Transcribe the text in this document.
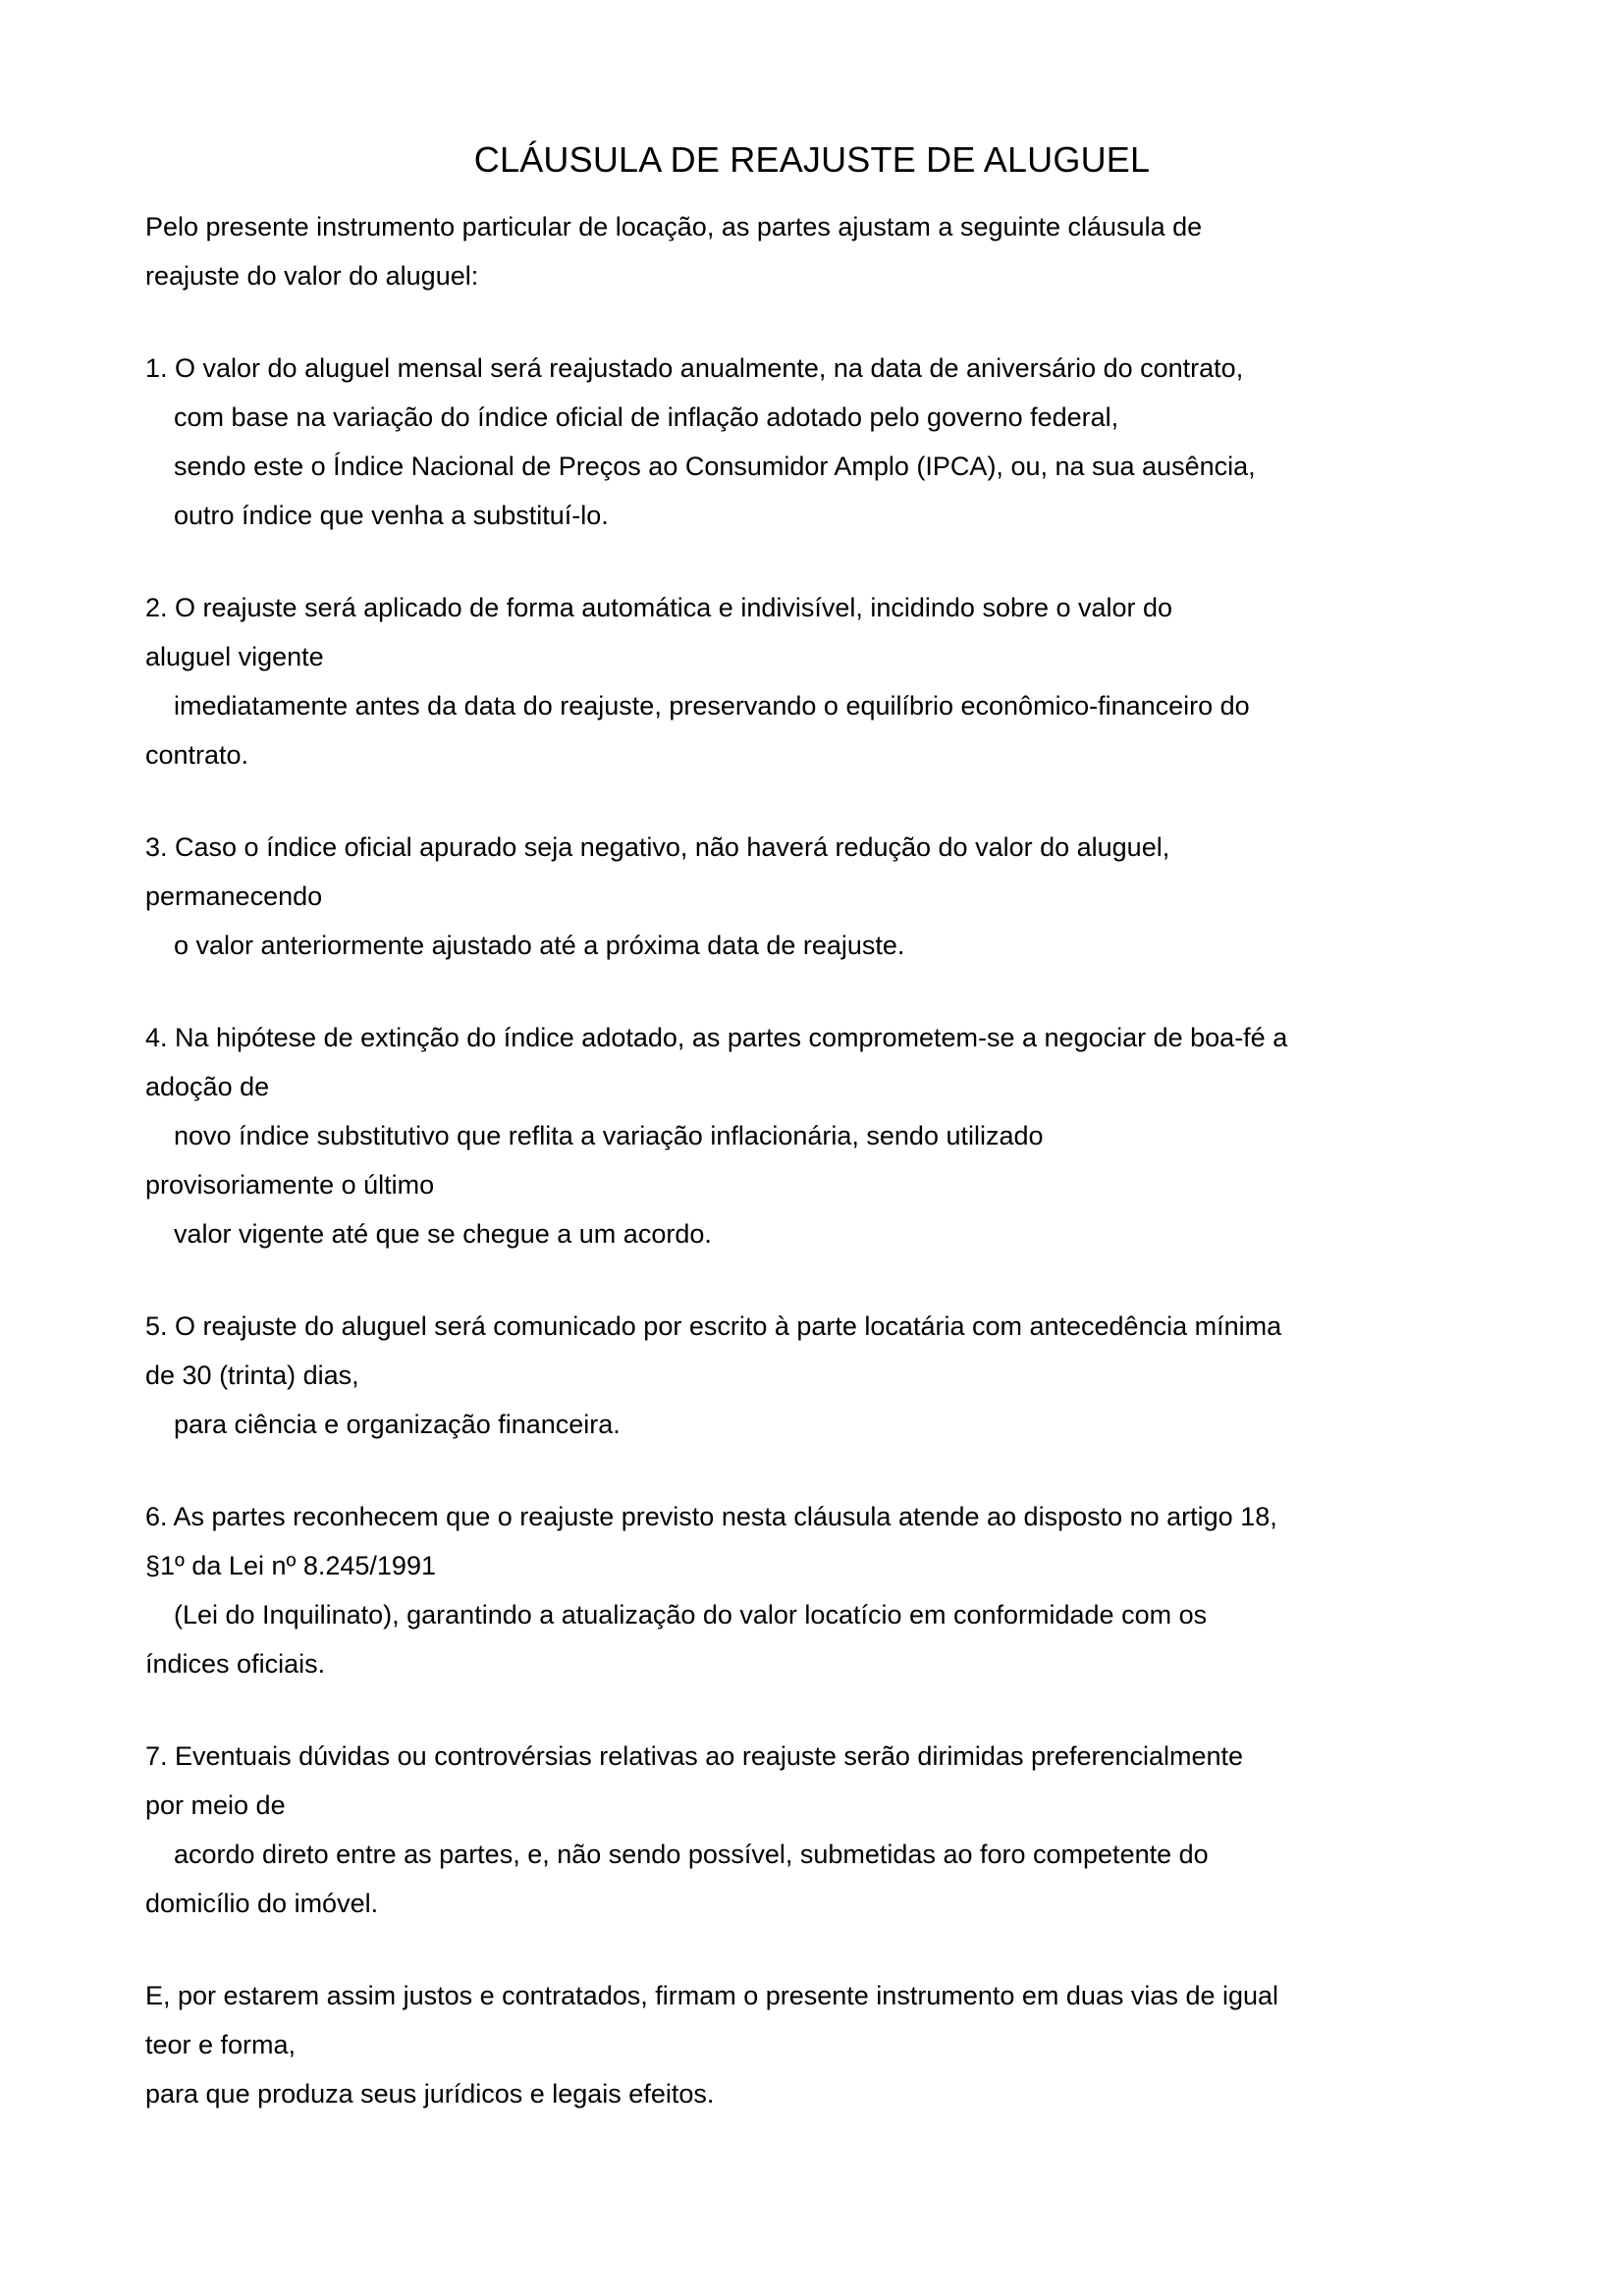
CLÁUSULA DE REAJUSTE DE ALUGUEL
Pelo presente instrumento particular de locação, as partes ajustam a seguinte cláusula de
reajuste do valor do aluguel:
1. O valor do aluguel mensal será reajustado anualmente, na data de aniversário do contrato,
com base na variação do índice oficial de inflação adotado pelo governo federal,
sendo este o Índice Nacional de Preços ao Consumidor Amplo (IPCA), ou, na sua ausência,
outro índice que venha a substituí-lo.
2. O reajuste será aplicado de forma automática e indivisível, incidindo sobre o valor do
aluguel vigente
imediatamente antes da data do reajuste, preservando o equilíbrio econômico-financeiro do
contrato.
3. Caso o índice oficial apurado seja negativo, não haverá redução do valor do aluguel,
permanecendo
o valor anteriormente ajustado até a próxima data de reajuste.
4. Na hipótese de extinção do índice adotado, as partes comprometem-se a negociar de boa-fé a
adoção de
novo índice substitutivo que reflita a variação inflacionária, sendo utilizado
provisoriamente o último
valor vigente até que se chegue a um acordo.
5. O reajuste do aluguel será comunicado por escrito à parte locatária com antecedência mínima
de 30 (trinta) dias,
para ciência e organização financeira.
6. As partes reconhecem que o reajuste previsto nesta cláusula atende ao disposto no artigo 18,
§1º da Lei nº 8.245/1991
(Lei do Inquilinato), garantindo a atualização do valor locatício em conformidade com os
índices oficiais.
7. Eventuais dúvidas ou controvérsias relativas ao reajuste serão dirimidas preferencialmente
por meio de
acordo direto entre as partes, e, não sendo possível, submetidas ao foro competente do
domicílio do imóvel.
E, por estarem assim justos e contratados, firmam o presente instrumento em duas vias de igual
teor e forma,
para que produza seus jurídicos e legais efeitos.
